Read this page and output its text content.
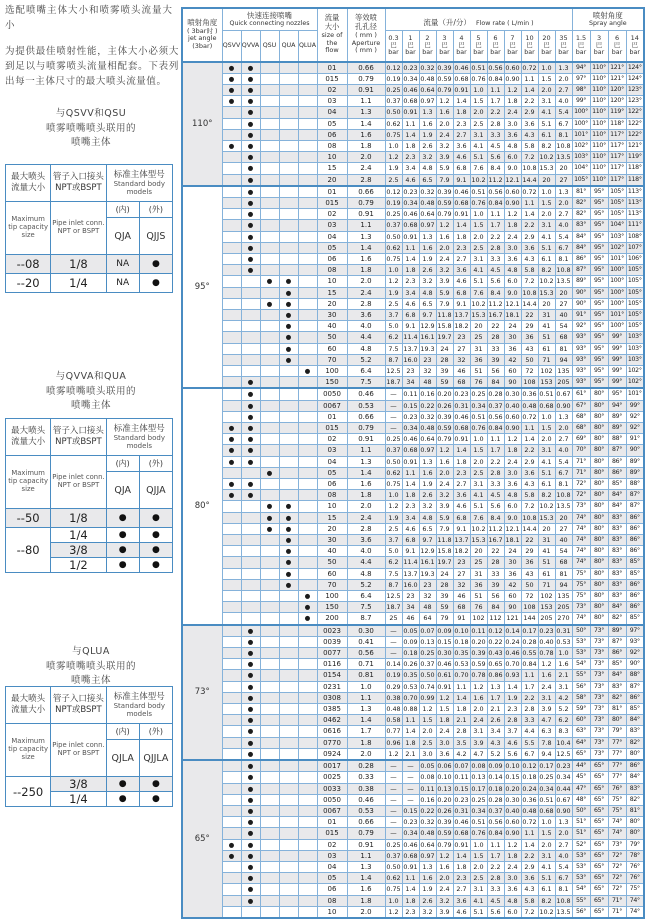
选配喷嘴主体大小和喷雾喷头流量大小
为提供最佳喷射性能，主体大小必须大到足以与喷雾喷头流量相配套。下表列出每一主体尺寸的最大喷头流量值。
与QSVV和QSU
喷雾喷嘴喷头联用的
喷嘴主体
最大喷头流量大小	管子入口接头NPT或BSPT	标准主体型号
Standard body models	

Maximum tip capacity size	Pipe inlet conn. NPT or BSPT	(内)	(外)
		QJA	QJJS
--08	1/8	NA	●
--20	1/4	NA	●
与QVVA和QUA
喷雾喷嘴喷头联用的
喷嘴主体
最大喷头流量大小	管子入口接头NPT或BSPT	标准主体型号
Standard body models	

Maximum tip capacity size	Pipe inlet conn. NPT or BSPT	(内)	(外)
		QJA	QJJA
--50	1/8	●	●
--80	1/4	●	●
	3/8	●	●
	1/2	●	●
与QLUA
喷雾喷嘴喷头联用的
喷嘴主体
最大喷头流量大小	管子入口接头NPT或BSPT	标准主体型号
Standard body models	

Maximum tip capacity size	Pipe inlet conn. NPT or BSPT	(内)	(外)
		QJLA	QJJLA
--250	3/8	●	●
	1/4	●	●
喷射角度
( 3bar时 )
jet angle
(3bar)

快速连接喷嘴
Quick connecting nozzles

流量
大小
size of
the
flow

等效喷
孔孔径
( mm )
Aperture
( mm )
	流量（升/分） Flow rate ( L/min )	
喷射角度
Spray angle

QSVV	QVVA	QSU	QUA	QLUA	
0.3
巴
bar

1
巴
bar

2
巴
bar

3
巴
bar

4
巴
bar

5
巴
bar

6
巴
bar

7
巴
bar

10
巴
bar

20
巴
bar

35
巴
bar

1.5
巴
bar

3
巴
bar

6
巴
bar

14
巴
bar

110°	●	●				01	0.66	0.12	0.23	0.32	0.39	0.46	0.51	0.56	0.60	0.72	1.0	1.3	94°	110°	121°	124°
	●	●				015	0.79	0.19	0.34	0.48	0.59	0.68	0.76	0.84	0.90	1.1	1.5	2.0	97°	110°	121°	124°
	●	●				02	0.91	0.25	0.46	0.64	0.79	0.91	1.0	1.1	1.2	1.4	2.0	2.7	98°	110°	120°	123°
	●	●				03	1.1	0.37	0.68	0.97	1.2	1.4	1.5	1.7	1.8	2.2	3.1	4.0	99°	110°	120°	123°
		●				04	1.3	0.50	0.91	1.3	1.6	1.8	2.0	2.2	2.4	2.9	4.1	5.4	100°	110°	119°	122°
		●				05	1.4	0.62	1.1	1.6	2.0	2.3	2.5	2.8	3.0	3.6	5.1	6.7	100°	110°	118°	122°
		●				06	1.6	0.75	1.4	1.9	2.4	2.7	3.1	3.3	3.6	4.3	6.1	8.1	101°	110°	117°	122°
	●	●				08	1.8	1.0	1.8	2.6	3.2	3.6	4.1	4.5	4.8	5.8	8.2	10.8	102°	110°	117°	121°
		●				10	2.0	1.2	2.3	3.2	3.9	4.6	5.1	5.6	6.0	7.2	10.2	13.5	103°	110°	117°	119°
		●				15	2.4	1.9	3.4	4.8	5.9	6.8	7.6	8.4	9.0	10.8	15.3	20	104°	110°	117°	118°
		●				20	2.8	2.5	4.6	6.5	7.9	9.1	10.2	11.2	12.1	14.4	20	27	105°	110°	117°	118°
95°		●				01	0.66	0.12	0.23	0.32	0.39	0.46	0.51	0.56	0.60	0.72	1.0	1.3	81°	95°	105°	113°
		●				015	0.79	0.19	0.34	0.48	0.59	0.68	0.76	0.84	0.90	1.1	1.5	2.0	82°	95°	105°	113°
		●				02	0.91	0.25	0.46	0.64	0.79	0.91	1.0	1.1	1.2	1.4	2.0	2.7	82°	95°	105°	113°
		●				03	1.1	0.37	0.68	0.97	1.2	1.4	1.5	1.7	1.8	2.2	3.1	4.0	83°	95°	104°	111°
		●				04	1.3	0.50	0.91	1.3	1.6	1.8	2.0	2.2	2.4	2.9	4.1	5.4	84°	95°	103°	108°
		●				05	1.4	0.62	1.1	1.6	2.0	2.3	2.5	2.8	3.0	3.6	5.1	6.7	84°	95°	102°	107°
		●				06	1.6	0.75	1.4	1.9	2.4	2.7	3.1	3.3	3.6	4.3	6.1	8.1	86°	95°	101°	106°
		●				08	1.8	1.0	1.8	2.6	3.2	3.6	4.1	4.5	4.8	5.8	8.2	10.8	87°	95°	100°	105°
			●	●		10	2.0	1.2	2.3	3.2	3.9	4.6	5.1	5.6	6.0	7.2	10.2	13.5	89°	95°	100°	105°
				●		15	2.4	1.9	3.4	4.8	5.9	6.8	7.6	8.4	9.0	10.8	15.3	20	90°	95°	100°	105°
			●	●		20	2.8	2.5	4.6	6.5	7.9	9.1	10.2	11.2	12.1	14.4	20	27	90°	95°	100°	105°
				●		30	3.6	3.7	6.8	9.7	11.8	13.7	15.3	16.7	18.1	22	31	40	91°	95°	101°	105°
				●		40	4.0	5.0	9.1	12.9	15.8	18.2	20	22	24	29	41	54	92°	95°	100°	105°
				●		50	4.4	6.2	11.4	16.1	19.7	23	25	28	30	36	51	68	93°	95°	99°	103°
				●		60	4.8	7.5	13.7	19.3	24	27	31	33	36	43	61	81	93°	95°	99°	103°
				●		70	5.2	8.7	16.0	23	28	32	36	39	42	50	71	94	93°	95°	99°	103°
					●	100	6.4	12.5	23	32	39	46	51	56	60	72	102	135	93°	95°	99°	102°
		●				150	7.5	18.7	34	48	59	68	76	84	90	108	153	205	93°	95°	99°	102°
80°		●				0050	0.46	—	0.11	0.16	0.20	0.23	0.25	0.28	0.30	0.36	0.51	0.67	61°	80°	95°	101°
		●				0067	0.53	—	0.15	0.22	0.26	0.31	0.34	0.37	0.40	0.48	0.68	0.90	67°	80°	94°	99°
		●				01	0.66	—	0.23	0.32	0.39	0.46	0.51	0.56	0.60	0.72	1.0	1.3	68°	80°	89°	92°
	●	●				015	0.79	—	0.34	0.48	0.59	0.68	0.76	0.84	0.90	1.1	1.5	2.0	68°	80°	89°	92°
	●	●				02	0.91	0.25	0.46	0.64	0.79	0.91	1.0	1.1	1.2	1.4	2.0	2.7	69°	80°	88°	91°
	●	●				03	1.1	0.37	0.68	0.97	1.2	1.4	1.5	1.7	1.8	2.2	3.1	4.0	70°	80°	87°	90°
	●	●				04	1.3	0.50	0.91	1.3	1.6	1.8	2.0	2.2	2.4	2.9	4.1	5.4	71°	80°	86°	89°
			●			05	1.4	0.62	1.1	1.6	2.0	2.3	2.5	2.8	3.0	3.6	5.1	6.7	71°	80°	86°	89°
	●	●				06	1.6	0.75	1.4	1.9	2.4	2.7	3.1	3.3	3.6	4.3	6.1	8.1	72°	80°	85°	88°
	●	●				08	1.8	1.0	1.8	2.6	3.2	3.6	4.1	4.5	4.8	5.8	8.2	10.8	72°	80°	84°	87°
			●	●		10	2.0	1.2	2.3	3.2	3.9	4.6	5.1	5.6	6.0	7.2	10.2	13.5	73°	80°	84°	87°
			●	●		15	2.4	1.9	3.4	4.8	5.9	6.8	7.6	8.4	9.0	10.8	15.3	20	74°	80°	83°	86°
			●	●		20	2.8	2.5	4.6	6.5	7.9	9.1	10.2	11.2	12.1	14.4	20	27	74°	80°	83°	86°
				●		30	3.6	3.7	6.8	9.7	11.8	13.7	15.3	16.7	18.1	22	31	40	74°	80°	83°	86°
				●		40	4.0	5.0	9.1	12.9	15.8	18.2	20	22	24	29	41	54	74°	80°	83°	86°
				●		50	4.4	6.2	11.4	16.1	19.7	23	25	28	30	36	51	68	74°	80°	83°	85°
				●		60	4.8	7.5	13.7	19.3	24	27	31	33	36	43	61	81	75°	80°	83°	85°
				●		70	5.2	8.7	16.0	23	28	32	36	39	42	50	71	94	75°	80°	83°	86°
					●	100	6.4	12.5	23	32	39	46	51	56	60	72	102	135	75°	80°	83°	86°
					●	150	7.5	18.7	34	48	59	68	76	84	90	108	153	205	73°	80°	84°	86°
					●	200	8.7	25	46	64	79	91	102	112	121	144	205	270	74°	80°	82°	85°
73°		●				0023	0.30	—	0.05	0.07	0.09	0.10	0.11	0.12	0.14	0.17	0.23	0.31	50°	73°	89°	97°
		●				0039	0.41	—	0.09	0.13	0.15	0.18	0.20	0.22	0.24	0.28	0.40	0.53	53°	73°	87°	93°
		●				0077	0.56	—	0.18	0.25	0.30	0.35	0.39	0.43	0.46	0.55	0.78	1.0	53°	73°	86°	92°
		●				0116	0.71	0.14	0.26	0.37	0.46	0.53	0.59	0.65	0.70	0.84	1.2	1.6	54°	73°	85°	90°
		●				0154	0.81	0.19	0.35	0.50	0.61	0.70	0.78	0.86	0.93	1.1	1.6	2.1	55°	73°	84°	88°
		●				0231	1.0	0.29	0.53	0.74	0.91	1.1	1.2	1.3	1.4	1.7	2.4	3.1	56°	73°	83°	87°
		●				0308	1.1	0.38	0.70	0.99	1.2	1.4	1.6	1.7	1.9	2.2	3.1	4.2	58°	73°	82°	86°
		●				0385	1.3	0.48	0.88	1.2	1.5	1.8	2.0	2.1	2.3	2.8	3.9	5.2	59°	73°	81°	85°
		●				0462	1.4	0.58	1.1	1.5	1.8	2.1	2.4	2.6	2.8	3.3	4.7	6.2	60°	73°	80°	84°
		●				0616	1.7	0.77	1.4	2.0	2.4	2.8	3.1	3.4	3.7	4.4	6.3	8.3	63°	73°	79°	83°
		●				0770	1.8	0.96	1.8	2.5	3.0	3.5	3.9	4.3	4.6	5.5	7.8	10.4	64°	73°	77°	82°
		●				0924	2.0	1.2	2.1	3.0	3.6	4.2	4.7	5.2	5.6	6.7	9.4	12.5	65°	73°	77°	80°
65°		●				0017	0.28	—	—	0.05	0.06	0.07	0.08	0.09	0.10	0.12	0.17	0.23	44°	65°	77°	86°
		●				0025	0.33	—	—	0.08	0.10	0.11	0.13	0.14	0.15	0.18	0.25	0.34	45°	65°	77°	84°
		●				0033	0.38	—	—	0.11	0.13	0.15	0.17	0.18	0.20	0.24	0.34	0.44	47°	65°	76°	83°
		●				0050	0.46	—	—	0.16	0.20	0.23	0.25	0.28	0.30	0.36	0.51	0.67	48°	65°	75°	82°
		●				0067	0.53	—	0.15	0.22	0.26	0.31	0.34	0.37	0.40	0.48	0.68	0.90	50°	65°	75°	81°
		●				01	0.66	—	0.23	0.32	0.39	0.46	0.51	0.56	0.60	0.72	1.0	1.3	51°	65°	74°	80°
		●				015	0.79	—	0.34	0.48	0.59	0.68	0.76	0.84	0.90	1.1	1.5	2.0	51°	65°	74°	80°
	●	●				02	0.91	0.25	0.46	0.64	0.79	0.91	1.0	1.1	1.2	1.4	2.0	2.7	52°	65°	73°	79°
	●	●				03	1.1	0.37	0.68	0.97	1.2	1.4	1.5	1.7	1.8	2.2	3.1	4.0	53°	65°	72°	78°
		●				04	1.3	0.50	0.91	1.3	1.6	1.8	2.0	2.2	2.4	2.9	4.1	5.4	53°	65°	72°	76°
		●				05	1.4	0.62	1.1	1.6	2.0	2.3	2.5	2.8	3.0	3.6	5.1	6.7	53°	65°	72°	76°
		●				06	1.6	0.75	1.4	1.9	2.4	2.7	3.1	3.3	3.6	4.3	6.1	8.1	54°	65°	72°	75°
		●				08	1.8	1.0	1.8	2.6	3.2	3.6	4.1	4.5	4.8	5.8	8.2	10.8	55°	65°	71°	74°
						10	2.0	1.2	2.3	3.2	3.9	4.6	5.1	5.6	6.0	7.2	10.2	13.5	56°	65°	71°	74°
